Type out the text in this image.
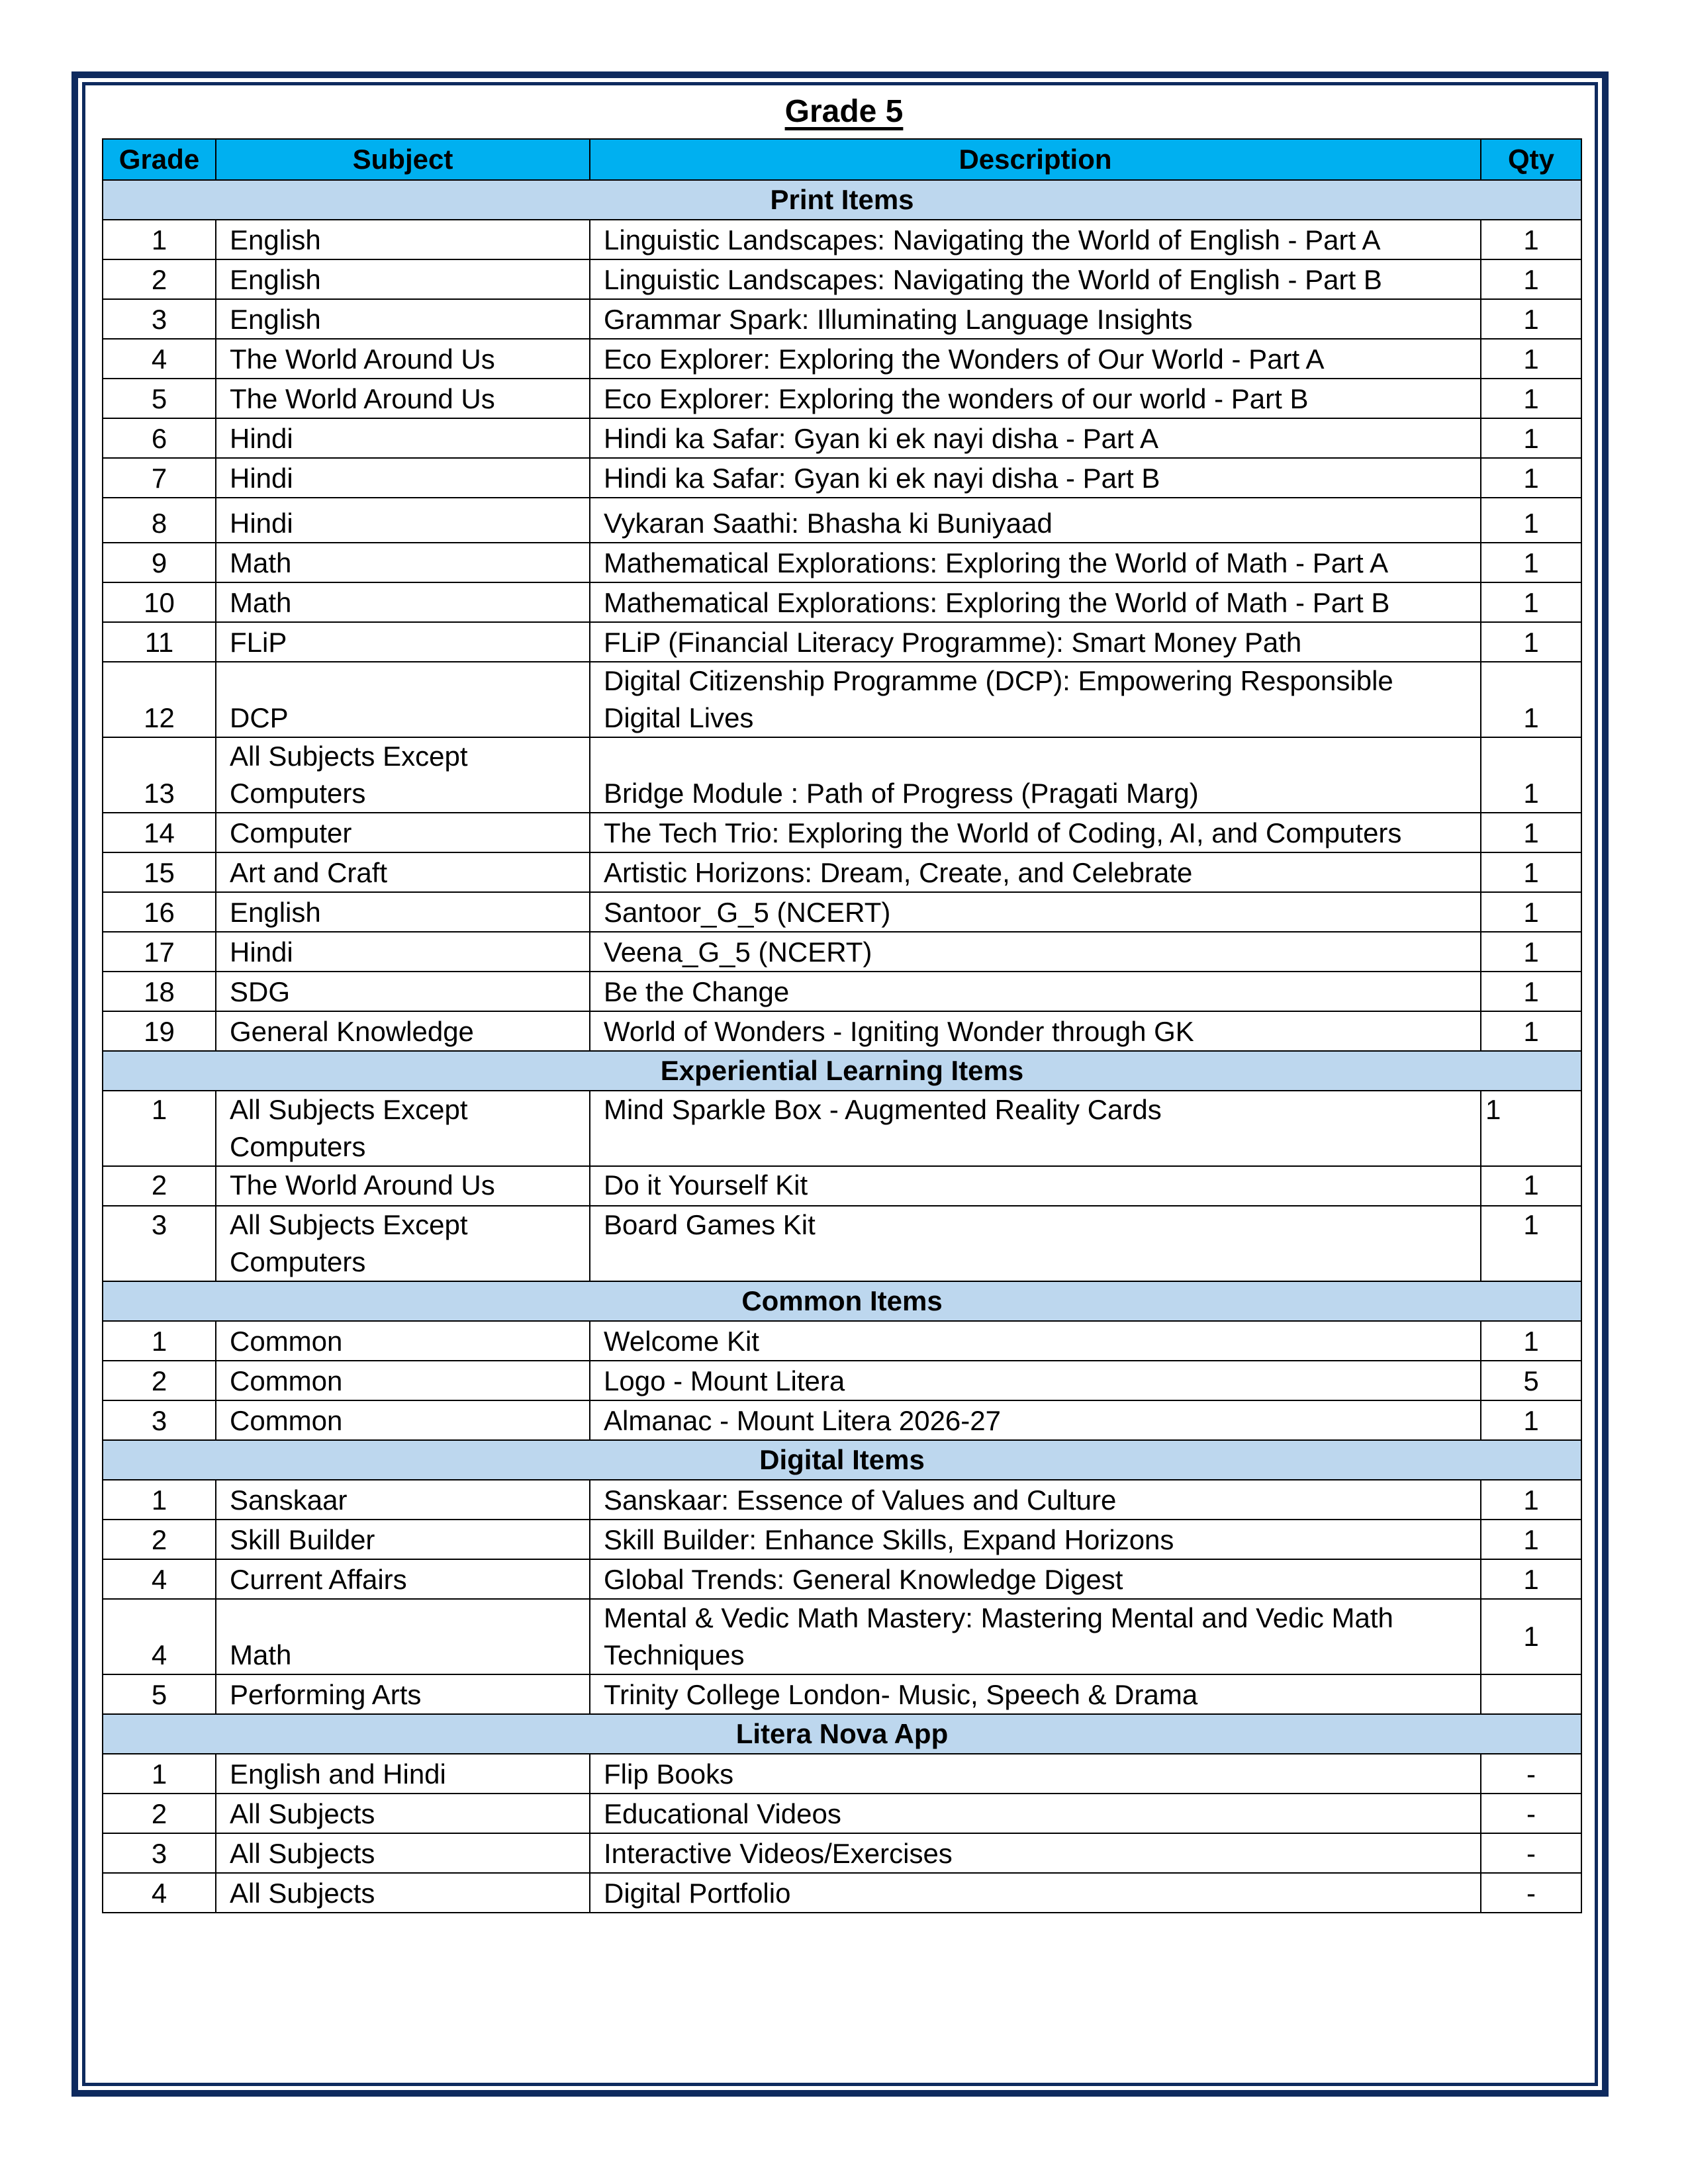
Grade 5
Grade	Subject	Description	Qty
Print Items			
1	English	Linguistic Landscapes: Navigating the World of English - Part A	1
2	English	Linguistic Landscapes: Navigating the World of English - Part B	1
3	English	Grammar Spark: Illuminating Language Insights	1
4	The World Around Us	Eco Explorer: Exploring the Wonders of Our World - Part A	1
5	The World Around Us	Eco Explorer: Exploring the wonders of our world - Part B	1
6	Hindi	Hindi ka Safar: Gyan ki ek nayi disha - Part A	1
7	Hindi	Hindi ka Safar: Gyan ki ek nayi disha - Part B	1
8	Hindi	Vykaran Saathi: Bhasha ki Buniyaad	1
9	Math	Mathematical Explorations: Exploring the World of Math - Part A	1
10	Math	Mathematical Explorations: Exploring the World of Math - Part B	1
11	FLiP	FLiP (Financial Literacy Programme): Smart Money Path	1
12	DCP	Digital Citizenship Programme (DCP): Empowering Responsible Digital Lives	1
13	All Subjects Except Computers	Bridge Module : Path of Progress (Pragati Marg)	1
14	Computer	The Tech Trio: Exploring the World of Coding, AI, and Computers	1
15	Art and Craft	Artistic Horizons: Dream, Create, and Celebrate	1
16	English	Santoor_G_5 (NCERT)	1
17	Hindi	Veena_G_5 (NCERT)	1
18	SDG	Be the Change	1
19	General Knowledge	World of Wonders - Igniting Wonder through GK	1
Experiential Learning Items			
1	All Subjects Except Computers	Mind Sparkle Box - Augmented Reality Cards	1
2	The World Around Us	Do it Yourself Kit	1
3	All Subjects Except Computers	Board Games Kit	1
Common Items			
1	Common	Welcome Kit	1
2	Common	Logo - Mount Litera	5
3	Common	Almanac - Mount Litera 2026-27	1
Digital Items			
1	Sanskaar	Sanskaar: Essence of Values and Culture	1
2	Skill Builder	Skill Builder: Enhance Skills, Expand Horizons	1
4	Current Affairs	Global Trends: General Knowledge Digest	1
4	Math	Mental & Vedic Math Mastery: Mastering Mental and Vedic Math Techniques	1
5	Performing Arts	Trinity College London- Music, Speech & Drama	
Litera Nova App			
1	English and Hindi	Flip Books	-
2	All Subjects	Educational Videos	-
3	All Subjects	Interactive Videos/Exercises	-
4	All Subjects	Digital Portfolio	-
